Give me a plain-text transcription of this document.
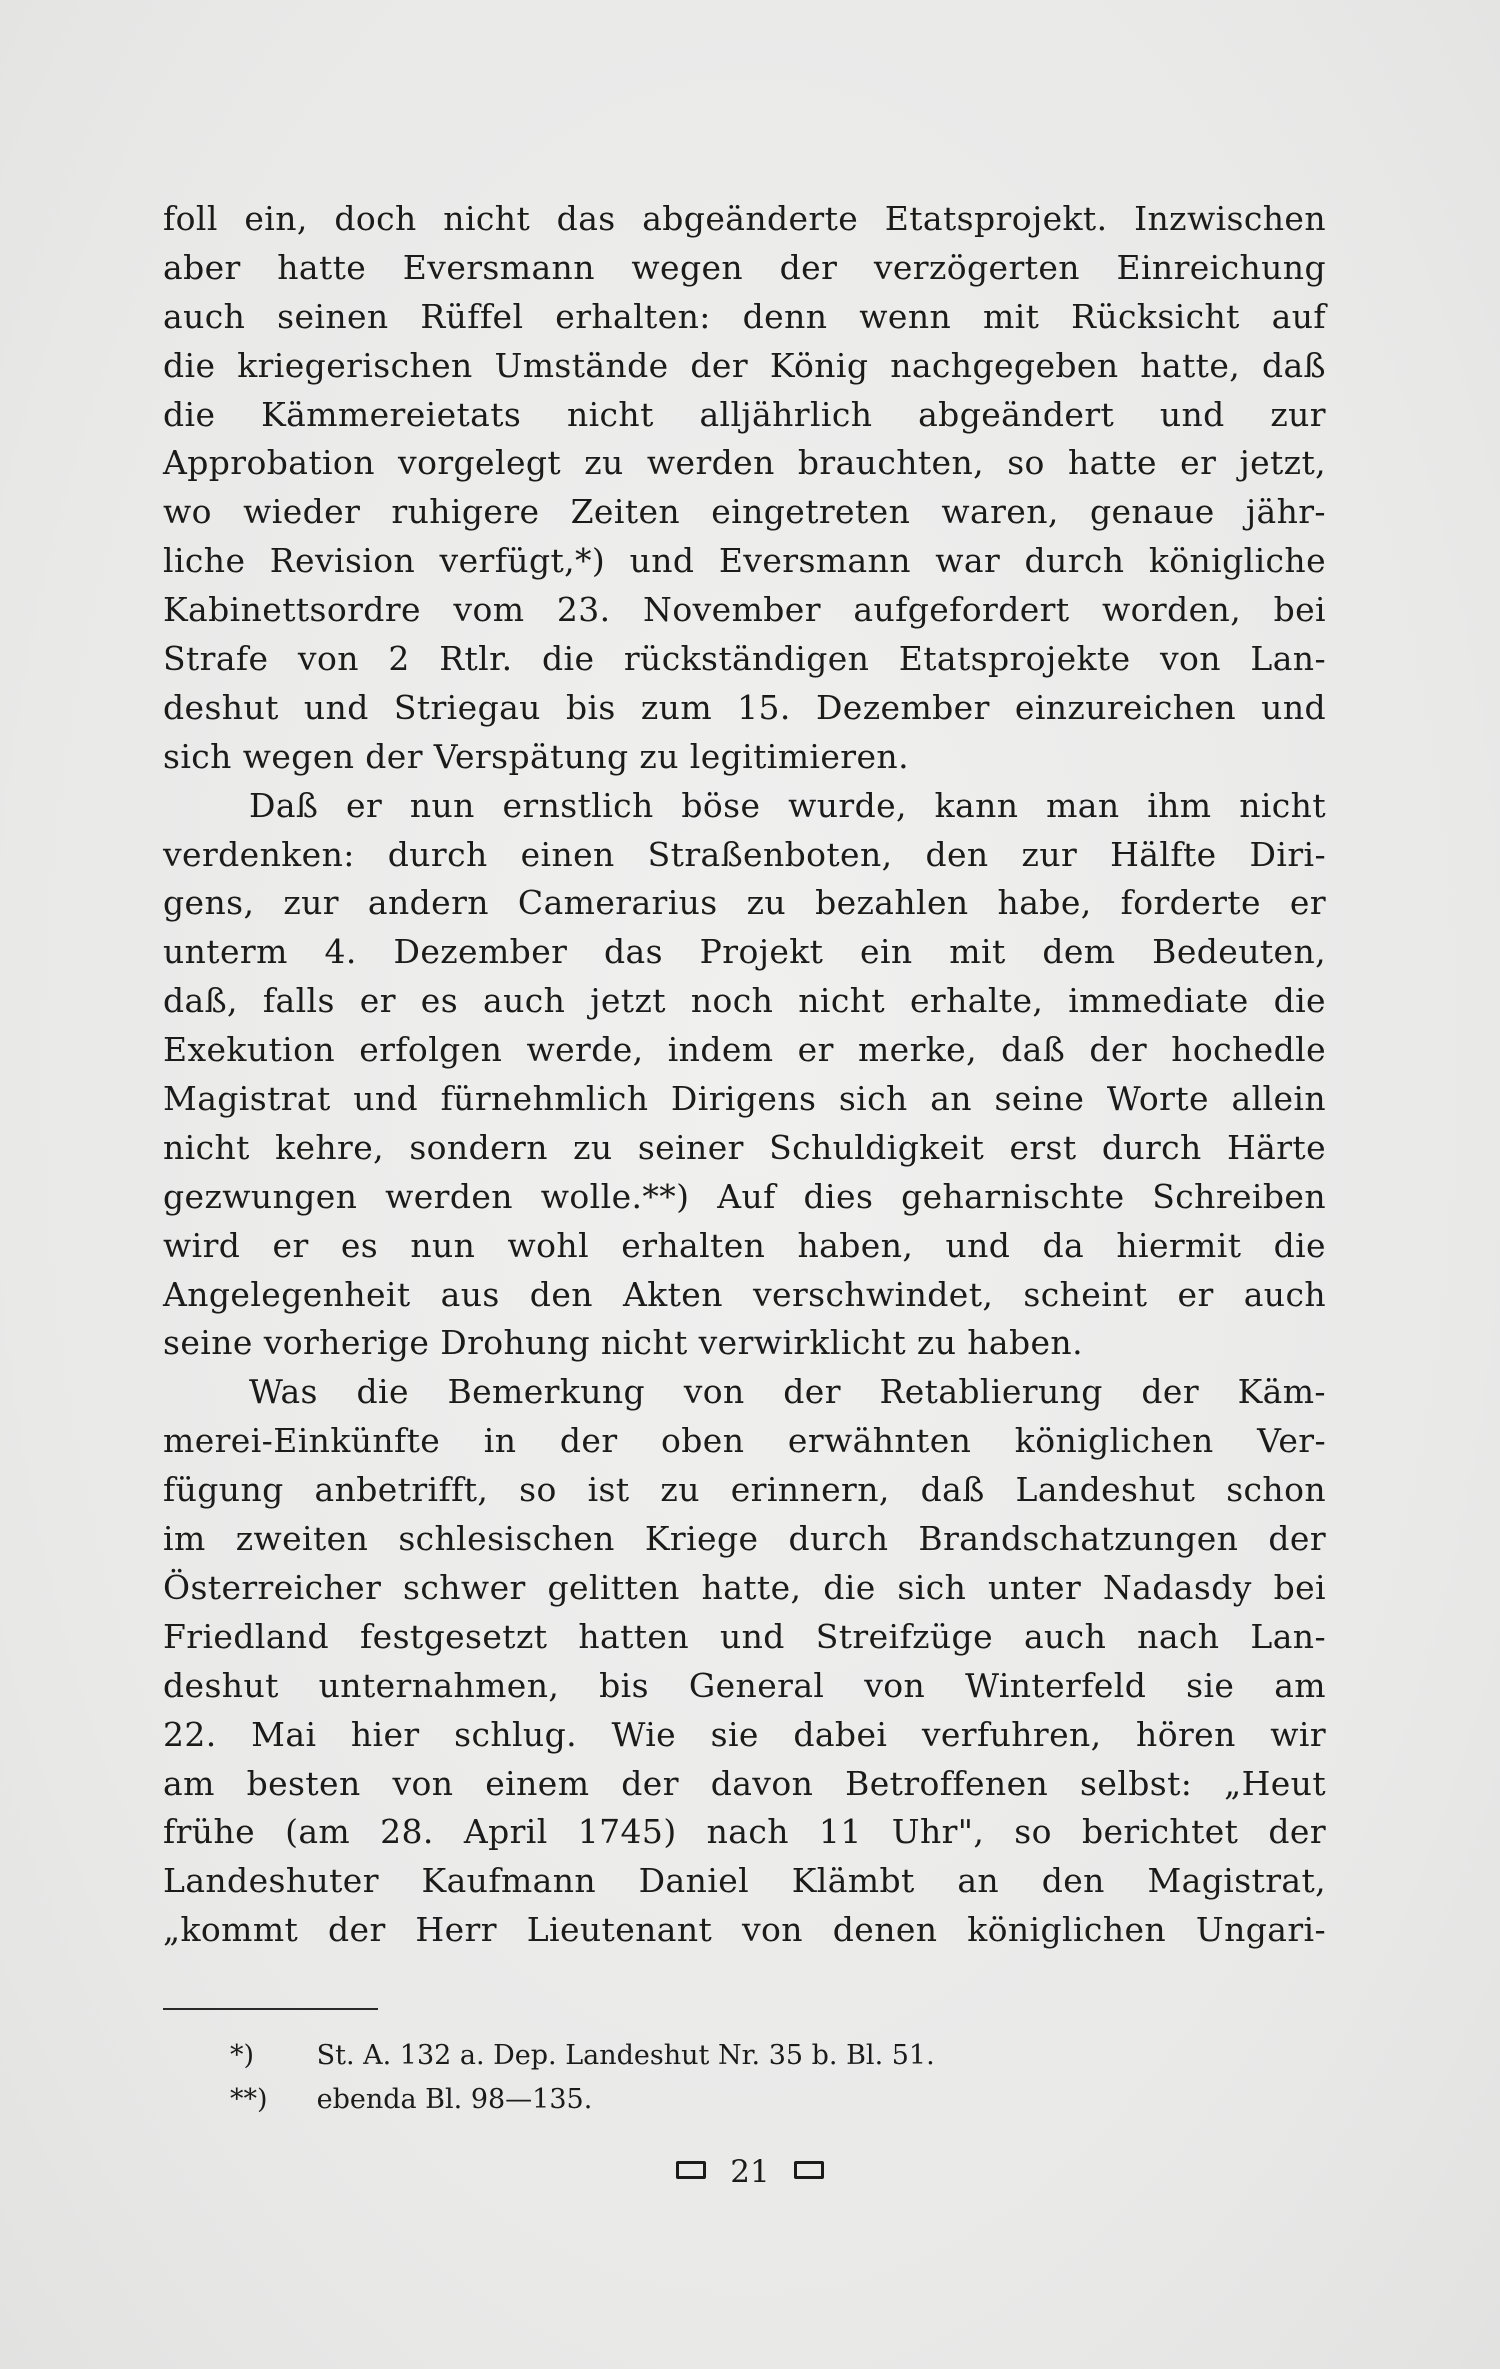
foll ein, doch nicht das abgeänderte Etatsprojekt. Inzwischen
aber hatte Eversmann wegen der verzögerten Einreichung
auch seinen Rüffel erhalten: denn wenn mit Rücksicht auf
die kriegerischen Umstände der König nachgegeben hatte, daß
die Kämmereietats nicht alljährlich abgeändert und zur
Approbation vorgelegt zu werden brauchten, so hatte er jetzt,
wo wieder ruhigere Zeiten eingetreten waren, genaue jähr-
liche Revision verfügt,*) und Eversmann war durch königliche
Kabinettsordre vom 23. November aufgefordert worden, bei
Strafe von 2 Rtlr. die rückständigen Etatsprojekte von Lan-
deshut und Striegau bis zum 15. Dezember einzureichen und
sich wegen der Verspätung zu legitimieren.
Daß er nun ernstlich böse wurde, kann man ihm nicht
verdenken: durch einen Straßenboten, den zur Hälfte Diri-
gens, zur andern Camerarius zu bezahlen habe, forderte er
unterm 4. Dezember das Projekt ein mit dem Bedeuten,
daß, falls er es auch jetzt noch nicht erhalte, immediate die
Exekution erfolgen werde, indem er merke, daß der hochedle
Magistrat und fürnehmlich Dirigens sich an seine Worte allein
nicht kehre, sondern zu seiner Schuldigkeit erst durch Härte
gezwungen werden wolle.**) Auf dies geharnischte Schreiben
wird er es nun wohl erhalten haben, und da hiermit die
Angelegenheit aus den Akten verschwindet, scheint er auch
seine vorherige Drohung nicht verwirklicht zu haben.
Was die Bemerkung von der Retablierung der Käm-
merei-Einkünfte in der oben erwähnten königlichen Ver-
fügung anbetrifft, so ist zu erinnern, daß Landeshut schon
im zweiten schlesischen Kriege durch Brandschatzungen der
Österreicher schwer gelitten hatte, die sich unter Nadasdy bei
Friedland festgesetzt hatten und Streifzüge auch nach Lan-
deshut unternahmen, bis General von Winterfeld sie am
22. Mai hier schlug. Wie sie dabei verfuhren, hören wir
am besten von einem der davon Betroffenen selbst: „Heut
frühe (am 28. April 1745) nach 11 Uhr", so berichtet der
Landeshuter Kaufmann Daniel Klämbt an den Magistrat,
„kommt der Herr Lieutenant von denen königlichen Ungari-
*) St. A. 132 a. Dep. Landeshut Nr. 35 b. Bl. 51.
**) ebenda Bl. 98—135.
21
